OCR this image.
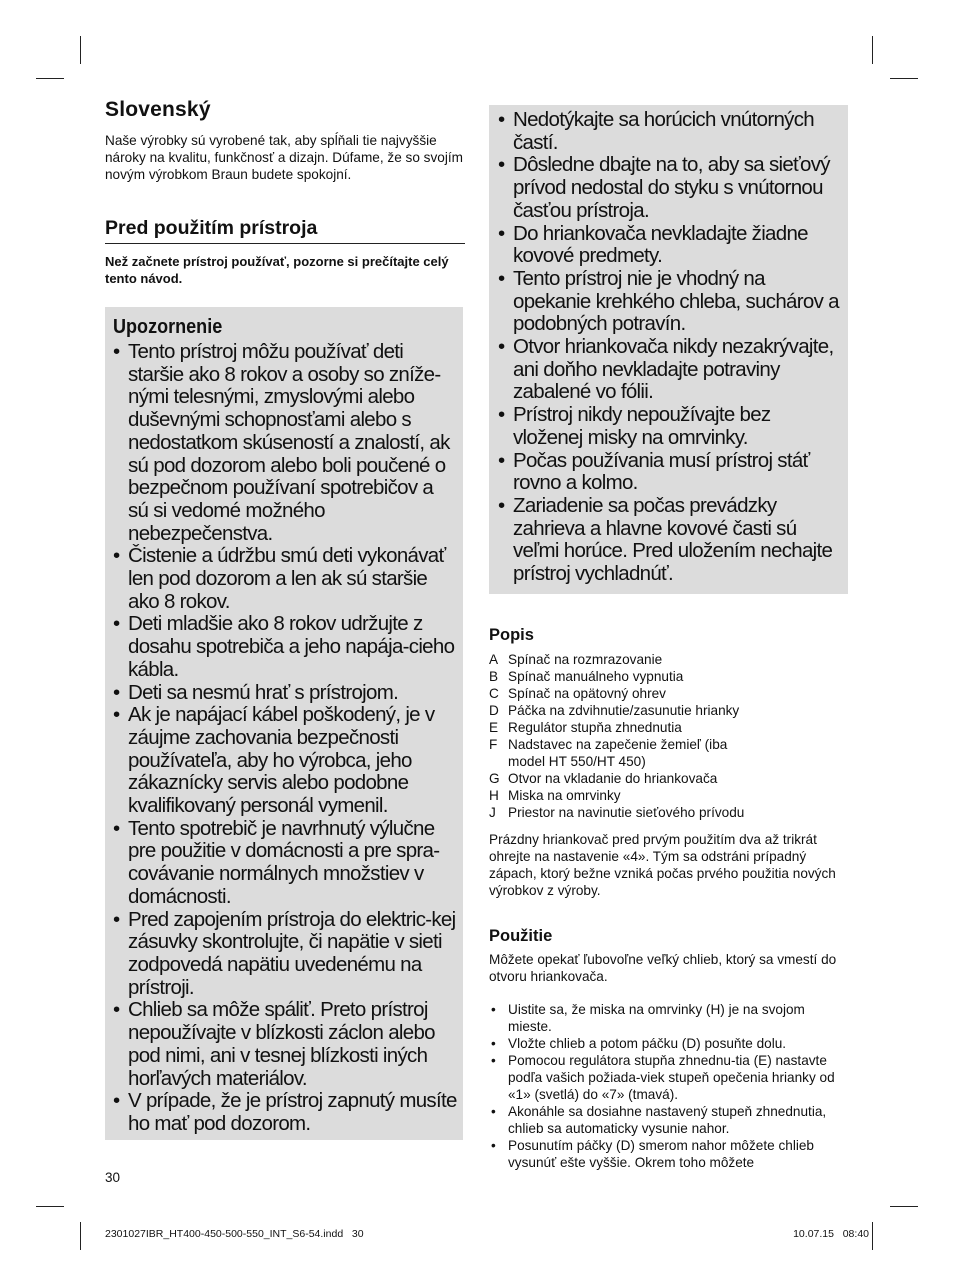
Slovenský

Naše výrobky sú vyrobené tak, aby spĺňali tie najvyššie nároky na kvalitu, funkčnosť a dizajn. Dúfame, že so svojím novým výrobkom Braun budete spokojní.

Pred použitím prístroja

Než začnete prístroj používať, pozorne si prečítajte celý tento návod.

Upozornenie
• Tento prístroj môžu používať deti staršie ako 8 rokov a osoby so zníže-nými telesnými, zmyslovými alebo duševnými schopnosťami alebo s nedostatkom skúseností a znalostí, ak sú pod dozorom alebo boli poučené o bezpečnom používaní spotrebičov a sú si vedomé možného nebezpečenstva.
• Čistenie a údržbu smú deti vykonávať len pod dozorom a len ak sú staršie ako 8 rokov.
• Deti mladšie ako 8 rokov udržujte z dosahu spotrebiča a jeho napája-cieho kábla.
• Deti sa nesmú hrať s prístrojom.
• Ak je napájací kábel poškodený, je v záujme zachovania bezpečnosti používateľa, aby ho výrobca, jeho zákaznícky servis alebo podobne kvalifikovaný personál vymenil.
• Tento spotrebič je navrhnutý výlučne pre použitie v domácnosti a pre spra-covávanie normálnych množstiev v domácnosti.
• Pred zapojením prístroja do elektric-kej zásuvky skontrolujte, či napätie v sieti zodpovedá napätiu uvedenému na prístroji.
• Chlieb sa môže spáliť. Preto prístroj nepoužívajte v blízkosti záclon alebo pod nimi, ani v tesnej blízkosti iných horľavých materiálov.
• V prípade, že je prístroj zapnutý musíte ho mať pod dozorom.
• Nedotýkajte sa horúcich vnútorných častí.
• Dôsledne dbajte na to, aby sa sieťový prívod nedostal do styku s vnútornou časťou prístroja.
• Do hriankovača nevkladajte žiadne kovové predmety.
• Tento prístroj nie je vhodný na opekanie krehkého chleba, suchárov a podobných potravín.
• Otvor hriankovača nikdy nezakrývajte, ani doňho nevkladajte potraviny zabalené vo fólii.
• Prístroj nikdy nepoužívajte bez vloženej misky na omrvinky.
• Počas používania musí prístroj stáť rovno a kolmo.
• Zariadenie sa počas prevádzky zahrieva a hlavne kovové časti sú veľmi horúce. Pred uložením nechajte prístroj vychladnúť.
Popis
A Spínač na rozmrazovanie
B Spínač manuálneho vypnutia
C Spínač na opätovný ohrev
D Páčka na zdvihnutie/zasunutie hrianky
E Regulátor stupňa zhnednutia
F Nadstavec na zapečenie žemieľ (iba model HT 550/HT 450)
G Otvor na vkladanie do hriankovača
H Miska na omrvinky
J Priestor na navinutie sieťového prívodu

Prázdny hriankovač pred prvým použitím dva až trikrát ohrejte na nastavenie «4». Tým sa odstráni prípadný zápach, ktorý bežne vzniká počas prvého použitia nových výrobkov z výroby.

Použitie

Môžete opekať ľubovoľne veľký chlieb, ktorý sa vmestí do otvoru hriankovača.

• Uistite sa, že miska na omrvinky (H) je na svojom mieste.
• Vložte chlieb a potom páčku (D) posuňte dolu.
• Pomocou regulátora stupňa zhnednu-tia (E) nastavte podľa vašich požiada-viek stupeň opečenia hrianky od «1» (svetlá) do «7» (tmavá).
• Akonáhle sa dosiahne nastavený stupeň zhnednutia, chlieb sa automaticky vysunie nahor.
• Posunutím páčky (D) smerom nahor môžete chlieb vysunúť ešte vyššie. Okrem toho môžete
30
2301027IBR_HT400-450-500-550_INT_S6-54.indd   30	10.07.15   08:40
